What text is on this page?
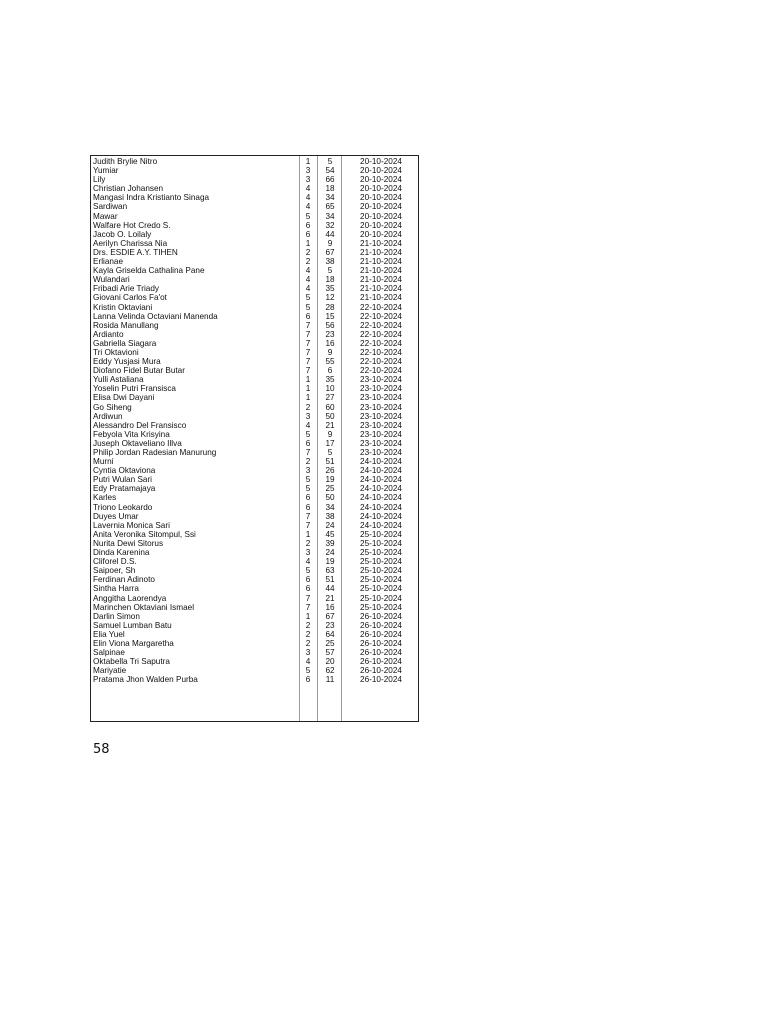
Judith Brylie Nitro	1	5	20-10-2024
Yumiar	3	54	20-10-2024
Lily	3	66	20-10-2024
Christian Johansen	4	18	20-10-2024
Mangasi Indra Kristianto Sinaga	4	34	20-10-2024
Sardiwan	4	65	20-10-2024
Mawar	5	34	20-10-2024
Walfare Hot Credo S.	6	32	20-10-2024
Jacob O. Loilaly	6	44	20-10-2024
Aerilyn Charissa Nia	1	9	21-10-2024
Drs. ESDIE A.Y. TIHEN	2	67	21-10-2024
Erlianae	2	38	21-10-2024
Kayla Griselda Cathalina Pane	4	5	21-10-2024
Wulandari	4	18	21-10-2024
Fribadi Arie Triady	4	35	21-10-2024
Giovani Carlos Fa'ot	5	12	21-10-2024
Kristin Oktaviani	5	28	22-10-2024
Lanna Velinda Octaviani Manenda	6	15	22-10-2024
Rosida Manullang	7	56	22-10-2024
Ardianto	7	23	22-10-2024
Gabriella Siagara	7	16	22-10-2024
Tri Oktavioni	7	9	22-10-2024
Eddy Yusjasi Mura	7	55	22-10-2024
Diofano Fidel Butar Butar	7	6	22-10-2024
Yulli Astaliana	1	35	23-10-2024
Yoselin Putri Fransisca	1	10	23-10-2024
Elisa Dwi Dayani	1	27	23-10-2024
Go Siheng	2	60	23-10-2024
Ardiwun	3	50	23-10-2024
Alessandro Del Fransisco	4	21	23-10-2024
Febyola Vita Krisyina	5	9	23-10-2024
Juseph Oktaveliano Illva	6	17	23-10-2024
Philip Jordan Radesian Manurung	7	5	23-10-2024
Murni	2	51	24-10-2024
Cyntia Oktaviona	3	26	24-10-2024
Putri Wulan Sari	5	19	24-10-2024
Edy Pratamajaya	5	25	24-10-2024
Karles	6	50	24-10-2024
Triono Leokardo	6	34	24-10-2024
Duyes Umar	7	38	24-10-2024
Lavernia Monica Sari	7	24	24-10-2024
Anita Veronika Sitompul, Ssi	1	45	25-10-2024
Nurita Dewi Sitorus	2	39	25-10-2024
Dinda Karenina	3	24	25-10-2024
Cliforel D.S.	4	19	25-10-2024
Saipoer, Sh	5	63	25-10-2024
Ferdinan Adinoto	6	51	25-10-2024
Sintha Harra	6	44	25-10-2024
Anggitha Laorendya	7	21	25-10-2024
Marinchen Oktaviani Ismael	7	16	25-10-2024
Darlin Simon	1	67	26-10-2024
Samuel Lumban Batu	2	23	26-10-2024
Elia Yuel	2	64	26-10-2024
Elin Viona Margaretha	2	25	26-10-2024
Salpinae	3	57	26-10-2024
Oktabella Tri Saputra	4	20	26-10-2024
Mariyatie	5	62	26-10-2024
Pratama Jhon Walden Purba	6	11	26-10-2024
58
